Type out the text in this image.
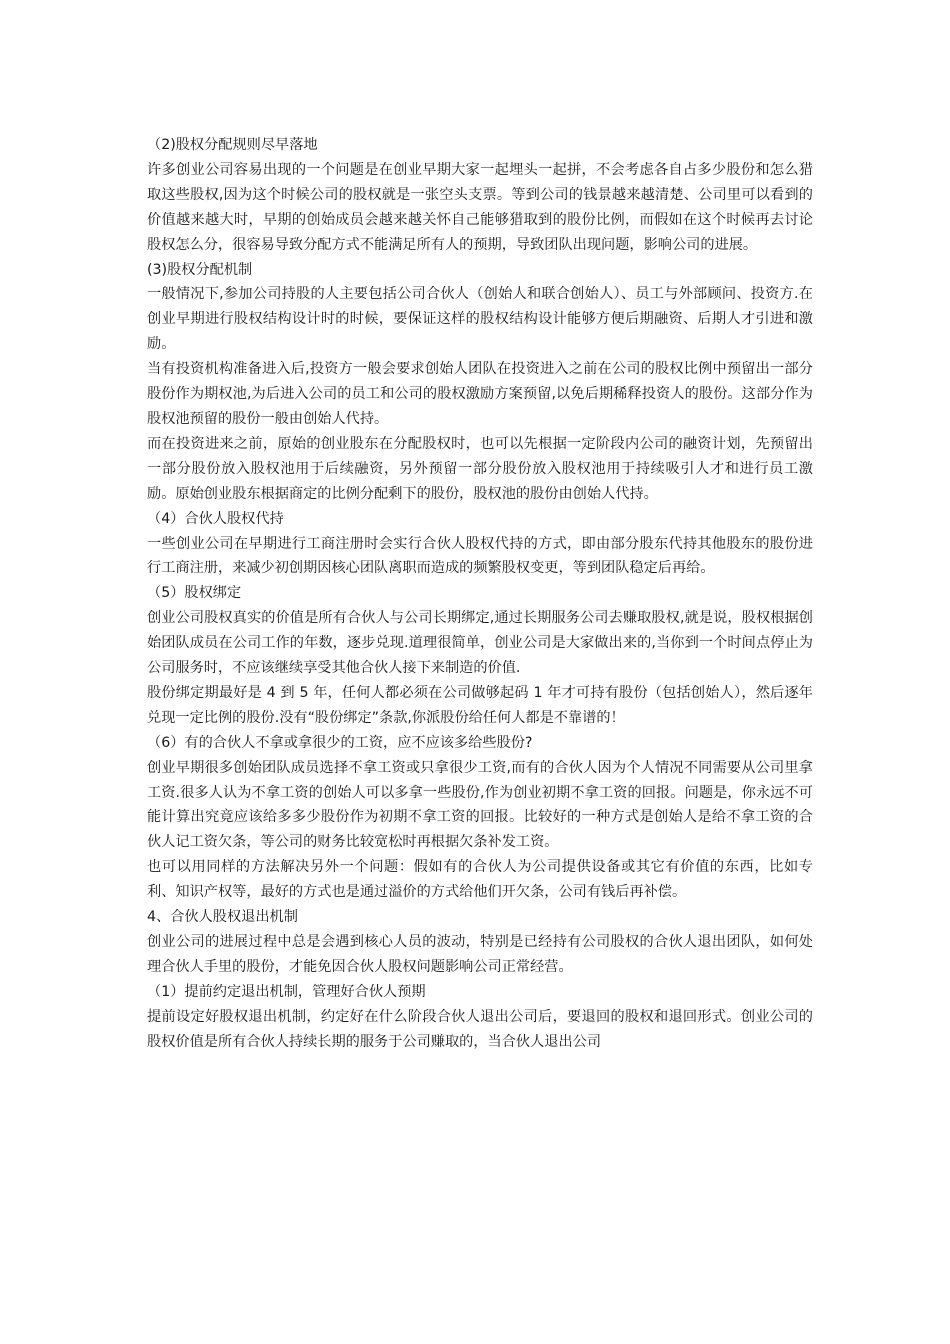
（2)股权分配规则尽早落地

许多创业公司容易出现的一个问题是在创业早期大家一起埋头一起拼，不会考虑各自占多少股份和怎么猎取这些股权,因为这个时候公司的股权就是一张空头支票。等到公司的钱景越来越清楚、公司里可以看到的价值越来越大时，早期的创始成员会越来越关怀自己能够猎取到的股份比例，而假如在这个时候再去讨论股权怎么分，很容易导致分配方式不能满足所有人的预期，导致团队出现问题，影响公司的进展。

(3)股权分配机制

一般情况下,参加公司持股的人主要包括公司合伙人（创始人和联合创始人）、员工与外部顾问、投资方.在创业早期进行股权结构设计时的时候，要保证这样的股权结构设计能够方便后期融资、后期人才引进和激励。

当有投资机构准备进入后,投资方一般会要求创始人团队在投资进入之前在公司的股权比例中预留出一部分股份作为期权池,为后进入公司的员工和公司的股权激励方案预留,以免后期稀释投资人的股份。这部分作为股权池预留的股份一般由创始人代持。

而在投资进来之前，原始的创业股东在分配股权时，也可以先根据一定阶段内公司的融资计划，先预留出一部分股份放入股权池用于后续融资，另外预留一部分股份放入股权池用于持续吸引人才和进行员工激励。原始创业股东根据商定的比例分配剩下的股份，股权池的股份由创始人代持。

（4）合伙人股权代持

一些创业公司在早期进行工商注册时会实行合伙人股权代持的方式，即由部分股东代持其他股东的股份进行工商注册，来减少初创期因核心团队离职而造成的频繁股权变更，等到团队稳定后再给。

（5）股权绑定

创业公司股权真实的价值是所有合伙人与公司长期绑定,通过长期服务公司去赚取股权,就是说，股权根据创始团队成员在公司工作的年数，逐步兑现.道理很简单，创业公司是大家做出来的,当你到一个时间点停止为公司服务时，不应该继续享受其他合伙人接下来制造的价值.

股份绑定期最好是 4 到 5 年，任何人都必须在公司做够起码 1 年才可持有股份（包括创始人），然后逐年兑现一定比例的股份.没有“股份绑定”条款,你派股份给任何人都是不靠谱的！

（6）有的合伙人不拿或拿很少的工资，应不应该多给些股份?

创业早期很多创始团队成员选择不拿工资或只拿很少工资,而有的合伙人因为个人情况不同需要从公司里拿工资.很多人认为不拿工资的创始人可以多拿一些股份,作为创业初期不拿工资的回报。问题是，你永远不可能计算出究竟应该给多多少股份作为初期不拿工资的回报。比较好的一种方式是创始人是给不拿工资的合伙人记工资欠条，等公司的财务比较宽松时再根据欠条补发工资。

也可以用同样的方法解决另外一个问题：假如有的合伙人为公司提供设备或其它有价值的东西，比如专利、知识产权等，最好的方式也是通过溢价的方式给他们开欠条，公司有钱后再补偿。

4、合伙人股权退出机制

创业公司的进展过程中总是会遇到核心人员的波动，特别是已经持有公司股权的合伙人退出团队，如何处理合伙人手里的股份，才能免因合伙人股权问题影响公司正常经营。

（1）提前约定退出机制，管理好合伙人预期

提前设定好股权退出机制，约定好在什么阶段合伙人退出公司后，要退回的股权和退回形式。创业公司的股权价值是所有合伙人持续长期的服务于公司赚取的，当合伙人退出公司
